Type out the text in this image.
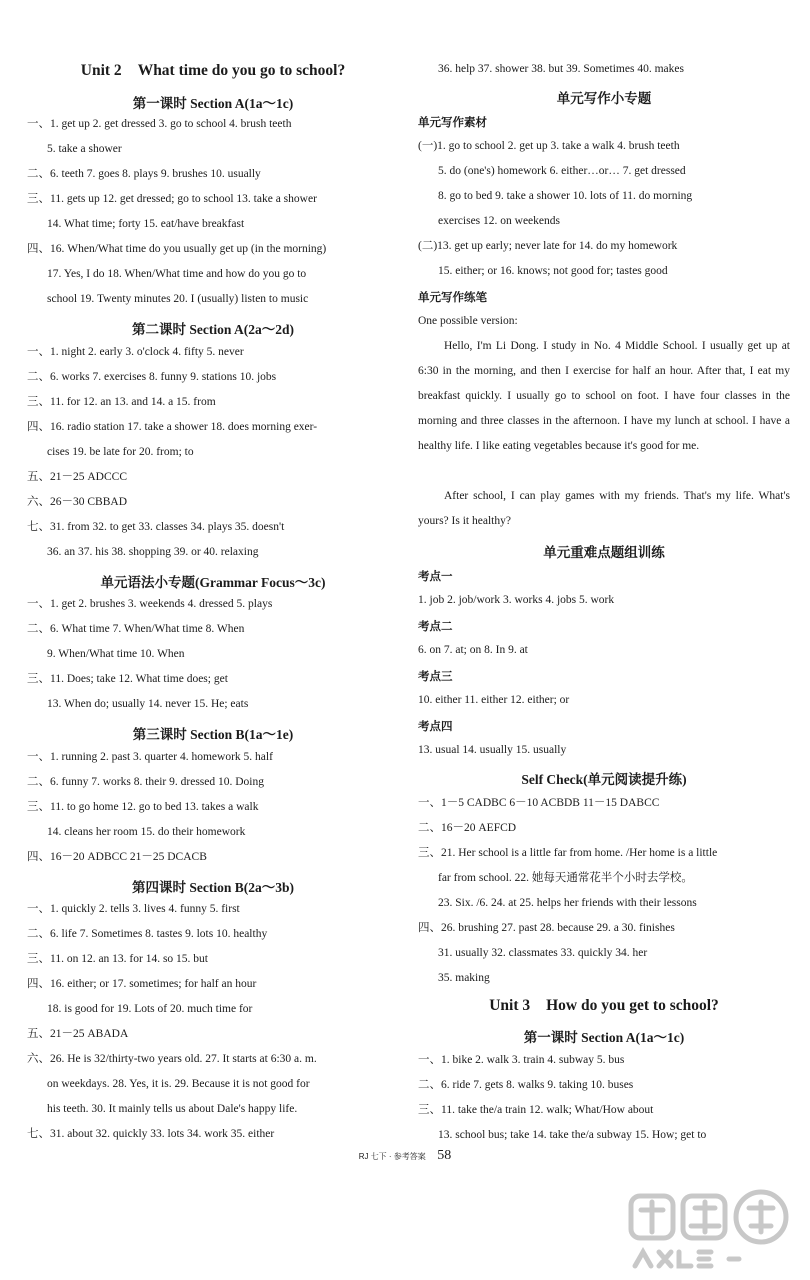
Unit 2 What time do you go to school?
第一课时 Section A(1a～1c)
一、1. get up 2. get dressed 3. go to school 4. brush teeth
5. take a shower
二、6. teeth 7. goes 8. plays 9. brushes 10. usually
三、11. gets up 12. get dressed; go to school 13. take a shower
14. What time; forty 15. eat/have breakfast
四、16. When/What time do you usually get up (in the morning)
17. Yes, I do 18. When/What time and how do you go to
school 19. Twenty minutes 20. I (usually) listen to music
第二课时 Section A(2a～2d)
一、1. night 2. early 3. o'clock 4. fifty 5. never
二、6. works 7. exercises 8. funny 9. stations 10. jobs
三、11. for 12. an 13. and 14. a 15. from
四、16. radio station 17. take a shower 18. does morning exer-
cises 19. be late for 20. from; to
五、21－25 ADCCC
六、26－30 CBBAD
七、31. from 32. to get 33. classes 34. plays 35. doesn't
36. an 37. his 38. shopping 39. or 40. relaxing
单元语法小专题(Grammar Focus～3c)
一、1. get 2. brushes 3. weekends 4. dressed 5. plays
二、6. What time 7. When/What time 8. When
9. When/What time 10. When
三、11. Does; take 12. What time does; get
13. When do; usually 14. never 15. He; eats
第三课时 Section B(1a～1e)
一、1. running 2. past 3. quarter 4. homework 5. half
二、6. funny 7. works 8. their 9. dressed 10. Doing
三、11. to go home 12. go to bed 13. takes a walk
14. cleans her room 15. do their homework
四、16－20 ADBCC 21－25 DCACB
第四课时 Section B(2a～3b)
一、1. quickly 2. tells 3. lives 4. funny 5. first
二、6. life 7. Sometimes 8. tastes 9. lots 10. healthy
三、11. on 12. an 13. for 14. so 15. but
四、16. either; or 17. sometimes; for half an hour
18. is good for 19. Lots of 20. much time for
五、21－25 ABADA
六、26. He is 32/thirty-two years old. 27. It starts at 6:30 a. m.
on weekdays. 28. Yes, it is. 29. Because it is not good for
his teeth. 30. It mainly tells us about Dale's happy life.
七、31. about 32. quickly 33. lots 34. work 35. either
36. help 37. shower 38. but 39. Sometimes 40. makes
单元写作小专题
单元写作素材
(一)1. go to school 2. get up 3. take a walk 4. brush teeth
5. do (one's) homework 6. either…or… 7. get dressed
8. go to bed 9. take a shower 10. lots of 11. do morning
exercises 12. on weekends
(二)13. get up early; never late for 14. do my homework
15. either; or 16. knows; not good for; tastes good
单元写作练笔
One possible version:

Hello, I'm Li Dong. I study in No. 4 Middle School. I usually get up at 6:30 in the morning, and then I exercise for half an hour. After that, I eat my breakfast quickly. I usually go to school on foot. I have four classes in the morning and three classes in the afternoon. I have my lunch at school. I have a healthy life. I like eating vegetables because it's good for me.

After school, I can play games with my friends. That's my life. What's yours? Is it healthy?

单元重难点题组训练
考点一
1. job 2. job/work 3. works 4. jobs 5. work
考点二
6. on 7. at; on 8. In 9. at
考点三
10. either 11. either 12. either; or
考点四
13. usual 14. usually 15. usually
Self Check(单元阅读提升练)
一、1－5 CADBC 6－10 ACBDB 11－15 DABCC
二、16－20 AEFCD
三、21. Her school is a little far from home. /Her home is a little
far from school. 22. 她每天通常花半个小时去学校。
23. Six. /6. 24. at 25. helps her friends with their lessons
四、26. brushing 27. past 28. because 29. a 30. finishes
31. usually 32. classmates 33. quickly 34. her
35. making
Unit 3 How do you get to school?
第一课时 Section A(1a～1c)
一、1. bike 2. walk 3. train 4. subway 5. bus
二、6. ride 7. gets 8. walks 9. taking 10. buses
三、11. take the/a train 12. walk; What/How about
13. school bus; take 14. take the/a subway 15. How; get to
RJ 七下 · 参考答案 58
